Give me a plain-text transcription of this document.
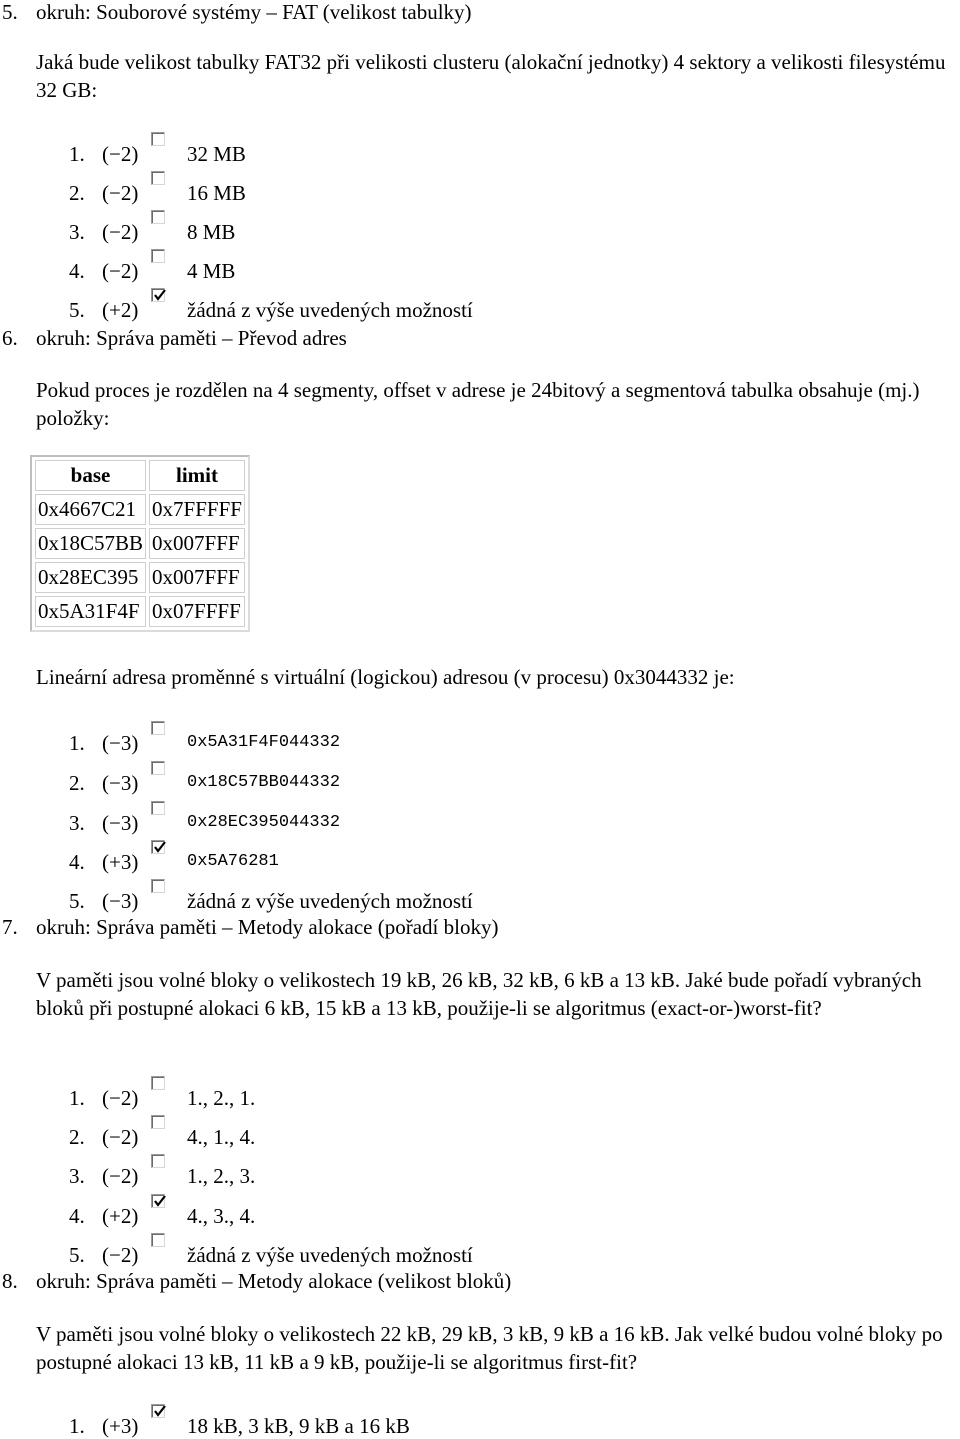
5. okruh: Souborové systémy – FAT (velikost tabulky)
Jaká bude velikost tabulky FAT32 při velikosti clusteru (alokační jednotky) 4 sektory a velikosti filesystému 32 GB:
1. (−2)	32 MB
2. (−2)	16 MB
3. (−2)	8 MB
4. (−2)	4 MB
5. (+2)	žádná z výše uvedených možností
6. okruh: Správa paměti – Převod adres
Pokud proces je rozdělen na 4 segmenty, offset v adrese je 24bitový a segmentová tabulka obsahuje (mj.) položky:
base	limit
0x4667C21	0x7FFFFF
0x18C57BB	0x007FFF
0x28EC395	0x007FFF
0x5A31F4F	0x07FFFF
Lineární adresa proměnné s virtuální (logickou) adresou (v procesu) 0x3044332 je:
1. (−3)	0x5A31F4F044332
2. (−3)	0x18C57BB044332
3. (−3)	0x28EC395044332
4. (+3)	0x5A76281
5. (−3)	žádná z výše uvedených možností
7. okruh: Správa paměti – Metody alokace (pořadí bloky)
V paměti jsou volné bloky o velikostech 19 kB, 26 kB, 32 kB, 6 kB a 13 kB. Jaké bude pořadí vybraných bloků při postupné alokaci 6 kB, 15 kB a 13 kB, použije-li se algoritmus (exact-or-)worst-fit?
1. (−2)	1., 2., 1.
2. (−2)	4., 1., 4.
3. (−2)	1., 2., 3.
4. (+2)	4., 3., 4.
5. (−2)	žádná z výše uvedených možností
8. okruh: Správa paměti – Metody alokace (velikost bloků)
V paměti jsou volné bloky o velikostech 22 kB, 29 kB, 3 kB, 9 kB a 16 kB. Jak velké budou volné bloky po postupné alokaci 13 kB, 11 kB a 9 kB, použije-li se algoritmus first-fit?
1. (+3)	18 kB, 3 kB, 9 kB a 16 kB
